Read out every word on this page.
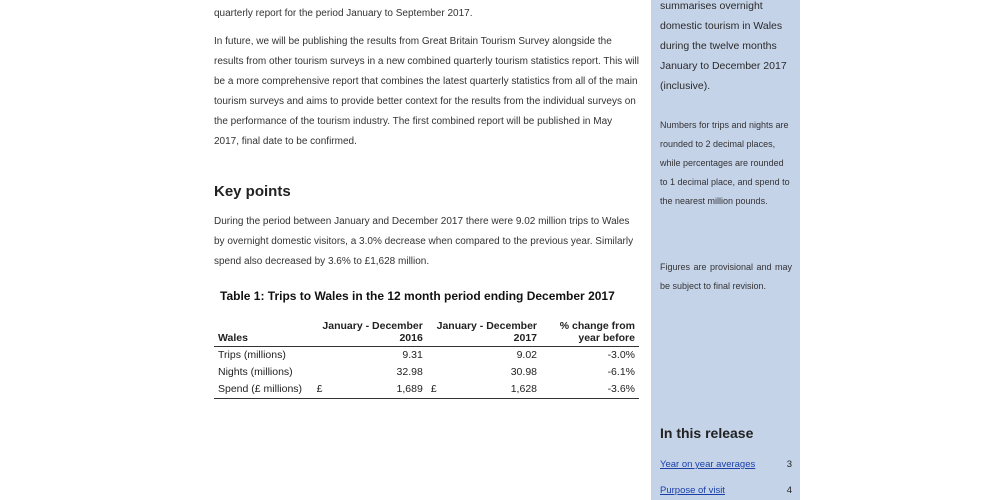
quarterly report for the period January to September 2017.

In future, we will be publishing the results from Great Britain Tourism Survey alongside the results from other tourism surveys in a new combined quarterly tourism statistics report. This will be a more comprehensive report that combines the latest quarterly statistics from all of the main tourism surveys and aims to provide better context for the results from the individual surveys on the performance of the tourism industry. The first combined report will be published in May 2017, final date to be confirmed.

Key points

During the period between January and December 2017 there were 9.02 million trips to Wales by overnight domestic visitors, a 3.0% decrease when compared to the previous year. Similarly spend also decreased by 3.6% to £1,628 million.

Table 1: Trips to Wales in the 12 month period ending December 2017

Wales	January - December 2016		January - December 2017		% change from year before
Trips (millions)		9.31		9.02	-3.0%
Nights (millions)		32.98		30.98	-6.1%
Spend (£ millions)	£	1,689	£	1,628	-3.6%

summarises overnight domestic tourism in Wales during the twelve months January to December 2017 (inclusive).

Numbers for trips and nights are rounded to 2 decimal places, while percentages are rounded to 1 decimal place, and spend to the nearest million pounds.

Figures are provisional and may be subject to final revision.

In this release
Year on year averages	3
Purpose of visit	4
